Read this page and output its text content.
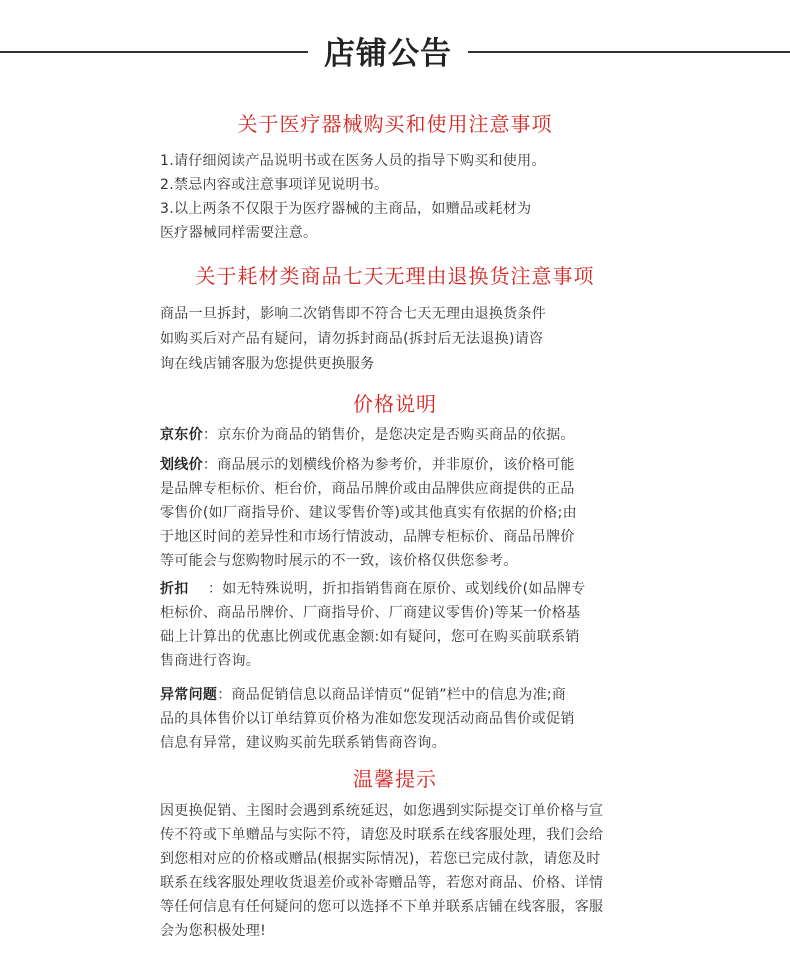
店铺公告
关于医疗器械购买和使用注意事项
1.请仔细阅读产品说明书或在医务人员的指导下购买和使用。
2.禁忌内容或注意事项详见说明书。
3.以上两条不仅限于为医疗器械的主商品，如赠品或耗材为
医疗器械同样需要注意。
关于耗材类商品七天无理由退换货注意事项
商品一旦拆封，影响二次销售即不符合七天无理由退换货条件
如购买后对产品有疑问，请勿拆封商品(拆封后无法退换)请咨
询在线店铺客服为您提供更换服务
价格说明
京东价：京东价为商品的销售价，是您决定是否购买商品的依据。
划线价：商品展示的划横线价格为参考价，并非原价，该价格可能
是品牌专柜标价、柜台价，商品吊牌价或由品牌供应商提供的正品
零售价(如厂商指导价、建议零售价等)或其他真实有依据的价格;由
于地区时间的差异性和市场行情波动，品牌专柜标价、商品吊牌价
等可能会与您购物时展示的不一致，该价格仅供您参考。
折扣 ：如无特殊说明，折扣指销售商在原价、或划线价(如品牌专
柜标价、商品吊牌价、厂商指导价、厂商建议零售价)等某一价格基
础上计算出的优惠比例或优惠金额:如有疑问，您可在购买前联系销
售商进行咨询。
异常问题：商品促销信息以商品详情页“促销”栏中的信息为准;商
品的具体售价以订单结算页价格为准如您发现活动商品售价或促销
信息有异常，建议购买前先联系销售商咨询。
温馨提示
因更换促销、主图时会遇到系统延迟，如您遇到实际提交订单价格与宣
传不符或下单赠品与实际不符，请您及时联系在线客服处理，我们会给
到您相对应的价格或赠品(根据实际情况)，若您已完成付款，请您及时
联系在线客服处理收货退差价或补寄赠品等，若您对商品、价格、详情
等任何信息有任何疑问的您可以选择不下单并联系店铺在线客服，客服
会为您积极处理!
